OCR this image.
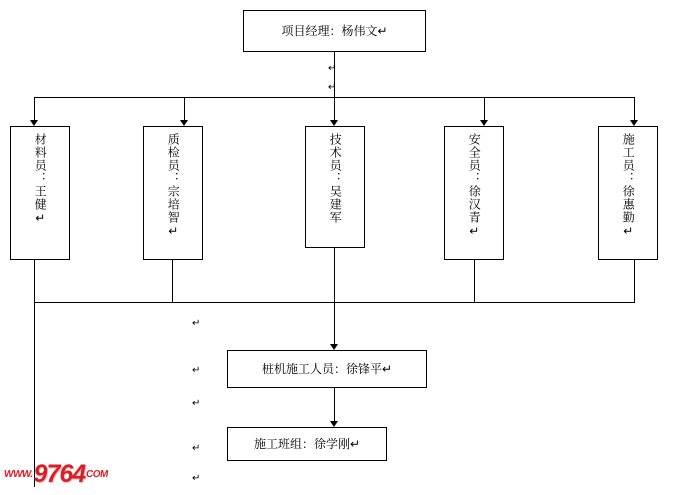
项目经理：杨伟文↵
↵
↵
材料员：王健↵	质检员：宗培智↵	技术员：吴建军	安全员：徐汉青↵	施工员：徐惠勤↵
↵
↵
↵
↵
↵
桩机施工人员：徐锋平↵
施工班组：徐学刚↵
WWW. 9764 COM
